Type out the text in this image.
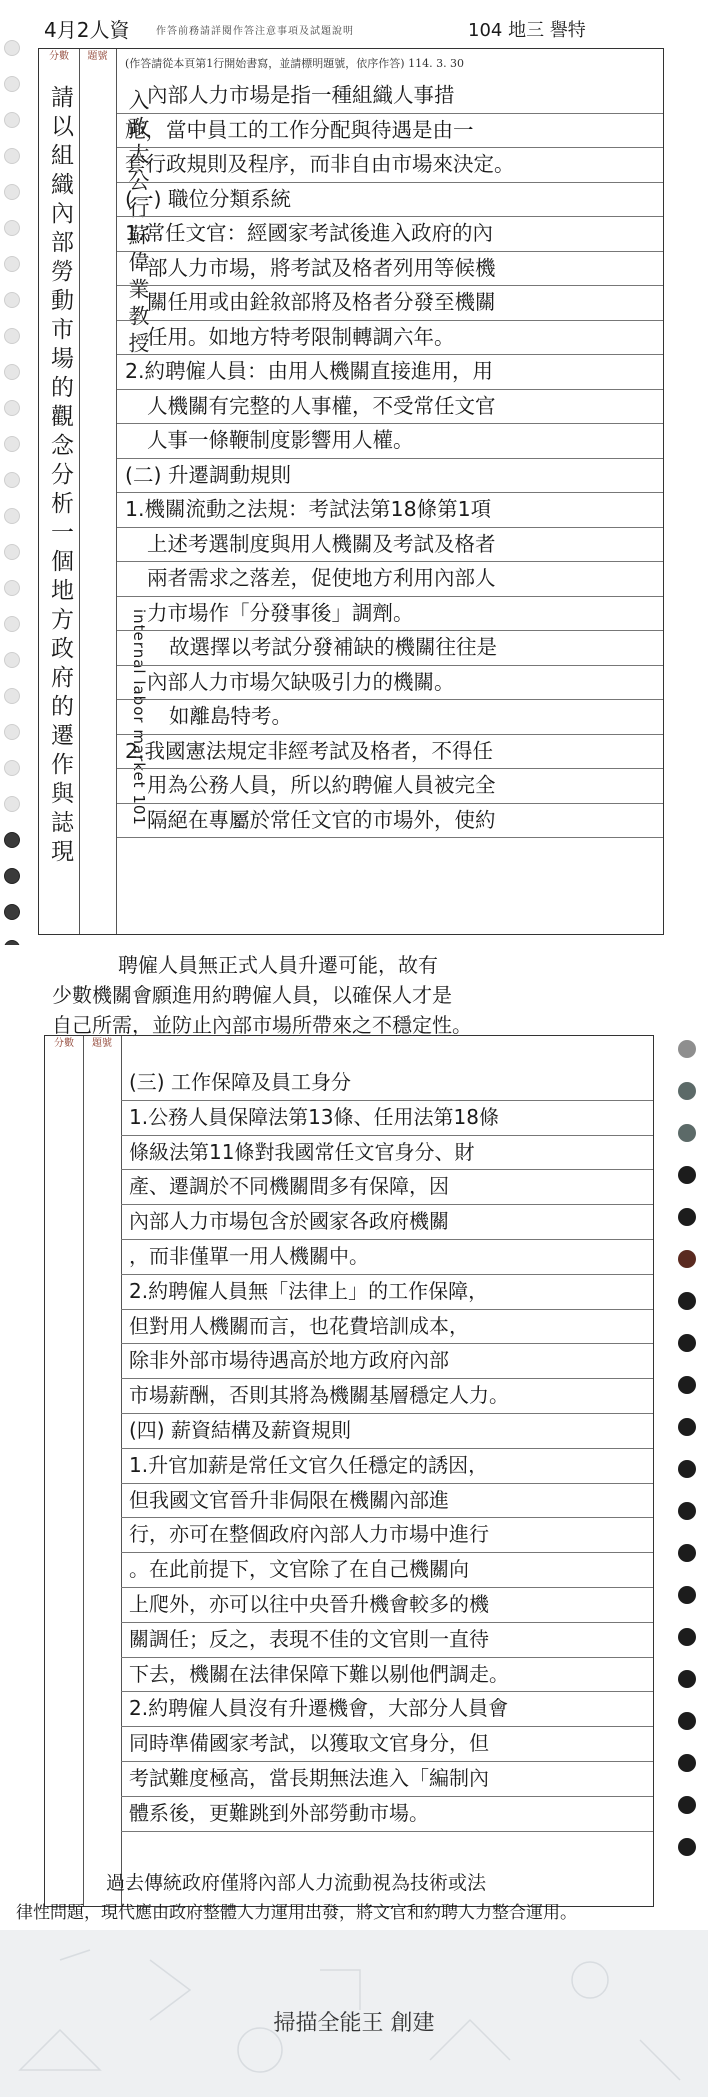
4月2人資	作答前務請詳閱作答注意事項及試題說明	104 地三 譽特
分數
請以組織內部勞動市場的觀念分析一個地方政府的遷作與誌現
題號
入政大公行蘇偉業教授
internal labor market 101
(作答請從本頁第1行開始書寫，並請標明題號，依序作答) 114. 3. 30
內部人力市場是指一種組織人事措
施，當中員工的工作分配與待遇是由一
套行政規則及程序，而非自由市場來決定。
(一) 職位分類系統
1.常任文官：經國家考試後進入政府的內
部人力市場，將考試及格者列用等候機
關任用或由銓敘部將及格者分發至機關
任用。如地方特考限制轉調六年。
2.約聘僱人員：由用人機關直接進用，用
人機關有完整的人事權，不受常任文官
人事一條鞭制度影響用人權。
(二) 升遷調動規則
1.機關流動之法規：考試法第18條第1項
上述考選制度與用人機關及考試及格者
兩者需求之落差，促使地方利用內部人
力市場作「分發事後」調劑。
故選擇以考試分發補缺的機關往往是
內部人力市場欠缺吸引力的機關。
如離島特考。
2.我國憲法規定非經考試及格者，不得任
用為公務人員，所以約聘僱人員被完全
隔絕在專屬於常任文官的市場外，使約
聘僱人員無正式人員升遷可能，故有
少數機關會願進用約聘僱人員，以確保人才是
自己所需，並防止內部市場所帶來之不穩定性。
分數	題號
(三) 工作保障及員工身分
1.公務人員保障法第13條、任用法第18條
條級法第11條對我國常任文官身分、財
產、遷調於不同機關間多有保障，因
內部人力市場包含於國家各政府機關
，而非僅單一用人機關中。
2.約聘僱人員無「法律上」的工作保障，
但對用人機關而言，也花費培訓成本，
除非外部市場待遇高於地方政府內部
市場薪酬，否則其將為機關基層穩定人力。
(四) 薪資結構及薪資規則
1.升官加薪是常任文官久任穩定的誘因，
但我國文官晉升非侷限在機關內部進
行，亦可在整個政府內部人力市場中進行
。在此前提下，文官除了在自己機關向
上爬外，亦可以往中央晉升機會較多的機
關調任；反之，表現不佳的文官則一直待
下去，機關在法律保障下難以剔他們調走。
2.約聘僱人員沒有升遷機會，大部分人員會
同時準備國家考試，以獲取文官身分，但
考試難度極高，當長期無法進入「編制內
體系後，更難跳到外部勞動市場。
過去傳統政府僅將內部人力流動視為技術或法
律性問題，現代應由政府整體人力運用出發，將文官和約聘人力整合運用。
掃描全能王 創建
